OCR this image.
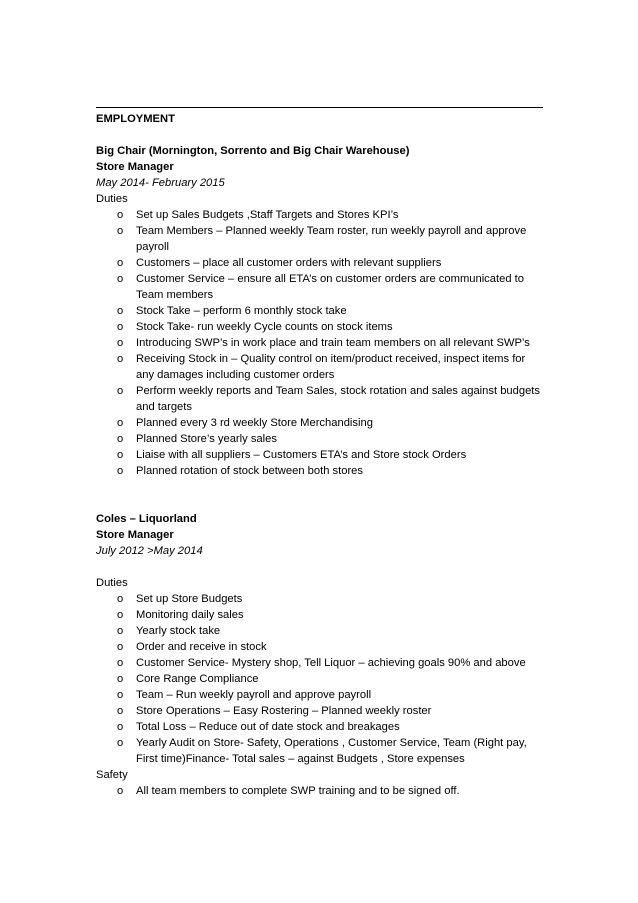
EMPLOYMENT
Big Chair (Mornington, Sorrento and Big Chair Warehouse)
Store Manager
May 2014- February 2015
Duties
o Set up Sales Budgets ,Staff Targets and Stores KPI’s
o Team Members – Planned weekly Team roster, run weekly payroll and approve payroll
o Customers – place all customer orders with relevant suppliers
o Customer Service – ensure all ETA’s on customer orders are communicated to Team members
o Stock Take – perform 6 monthly stock take
o Stock Take- run weekly Cycle counts on stock items
o Introducing SWP’s in work place and train team members on all relevant SWP’s
o Receiving Stock in – Quality control on item/product received, inspect items for any damages including customer orders
o Perform weekly reports and Team Sales, stock rotation and sales against budgets and targets
o Planned every 3 rd weekly Store Merchandising
o Planned Store’s yearly sales
o Liaise with all suppliers – Customers ETA’s and Store stock Orders
o Planned rotation of stock between both stores
Coles – Liquorland
Store Manager
July 2012 >May 2014
Duties
o Set up Store Budgets
o Monitoring daily sales
o Yearly stock take
o Order and receive in stock
o Customer Service- Mystery shop, Tell Liquor – achieving goals 90% and above
o Core Range Compliance
o Team – Run weekly payroll and approve payroll
o Store Operations – Easy Rostering – Planned weekly roster
o Total Loss – Reduce out of date stock and breakages
o Yearly Audit on Store- Safety, Operations , Customer Service, Team (Right pay, First time)Finance- Total sales – against Budgets , Store expenses
Safety
o All team members to complete SWP training and to be signed off.
